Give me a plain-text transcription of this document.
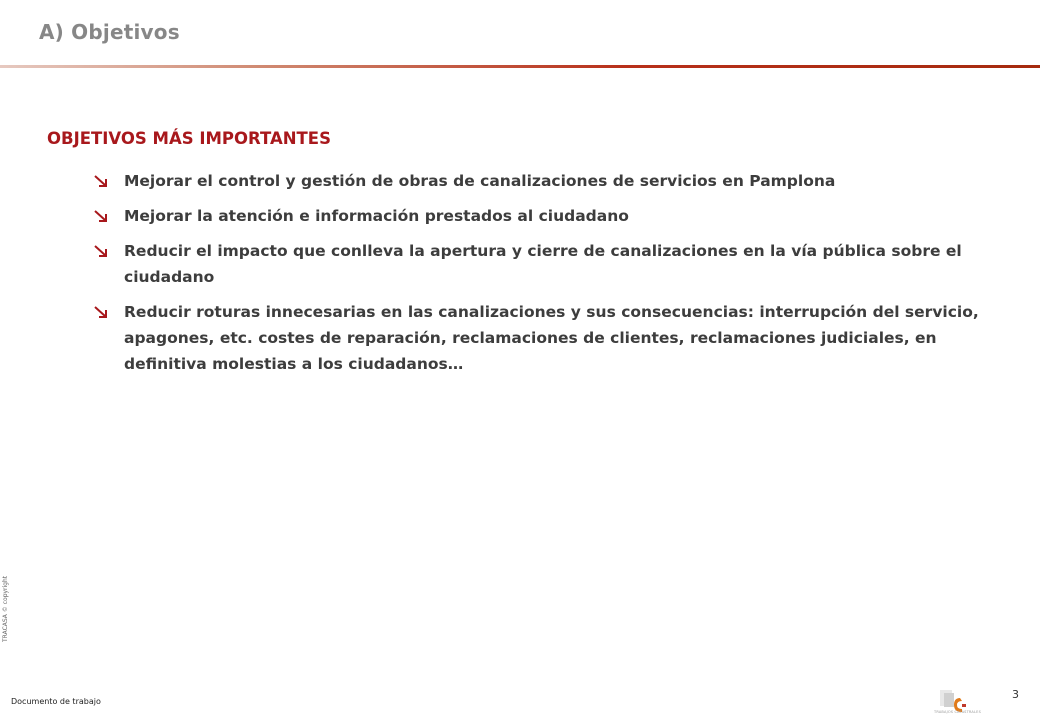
A) Objetivos
OBJETIVOS MÁS IMPORTANTES
Mejorar el control y gestión de obras de canalizaciones de servicios en Pamplona
Mejorar la atención e información prestados al ciudadano
Reducir el impacto que conlleva la apertura y cierre de canalizaciones en la vía pública sobre el ciudadano
Reducir roturas innecesarias en las canalizaciones y sus consecuencias: interrupción del servicio, apagones, etc. costes de reparación, reclamaciones de clientes, reclamaciones judiciales, en definitiva molestias a los ciudadanos…
TRACASA © copyright
Documento de trabajo
3
TRABAJOS CATASTRALES
